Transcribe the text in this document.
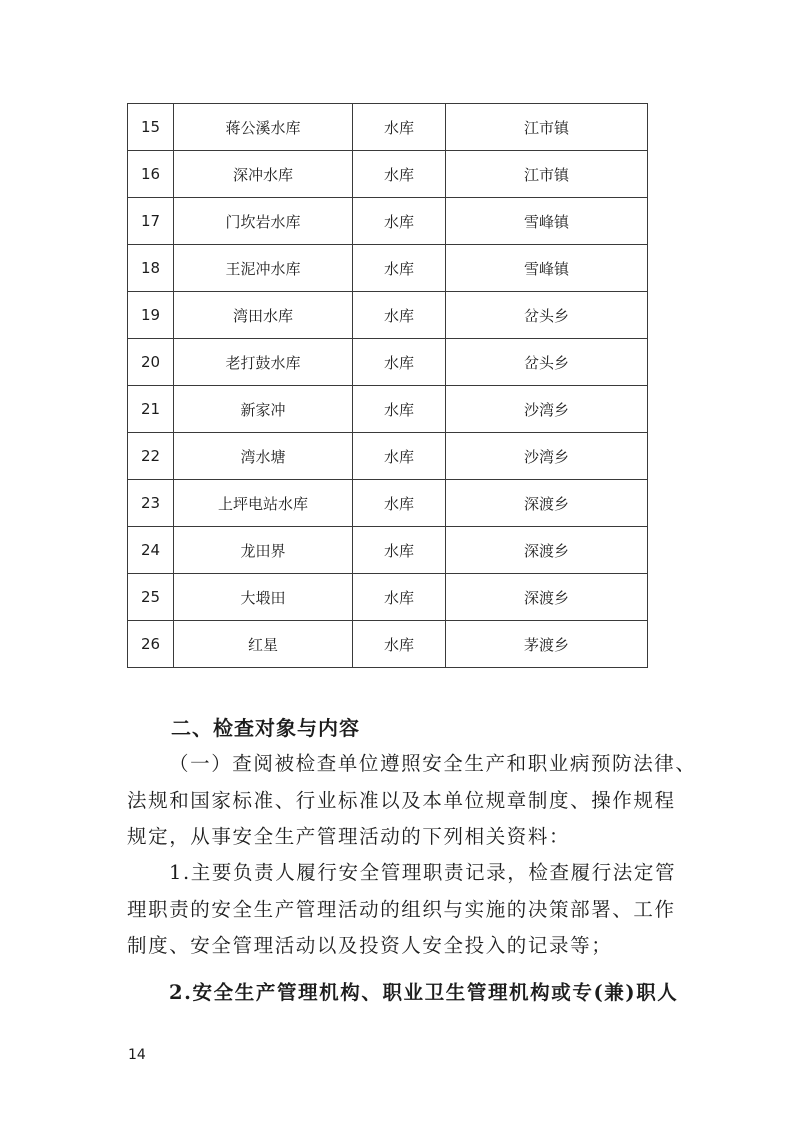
15	蒋公溪水库	水库	江市镇
16	深冲水库	水库	江市镇
17	门坎岩水库	水库	雪峰镇
18	王泥冲水库	水库	雪峰镇
19	湾田水库	水库	岔头乡
20	老打鼓水库	水库	岔头乡
21	新家冲	水库	沙湾乡
22	湾水塘	水库	沙湾乡
23	上坪电站水库	水库	深渡乡
24	龙田界	水库	深渡乡
25	大塅田	水库	深渡乡
26	红星	水库	茅渡乡
二、检查对象与内容
（一）查阅被检查单位遵照安全生产和职业病预防法律、
法规和国家标准、行业标准以及本单位规章制度、操作规程
规定，从事安全生产管理活动的下列相关资料：
1.主要负责人履行安全管理职责记录，检查履行法定管
理职责的安全生产管理活动的组织与实施的决策部署、工作
制度、安全管理活动以及投资人安全投入的记录等；
2.安全生产管理机构、职业卫生管理机构或专(兼)职人

14
